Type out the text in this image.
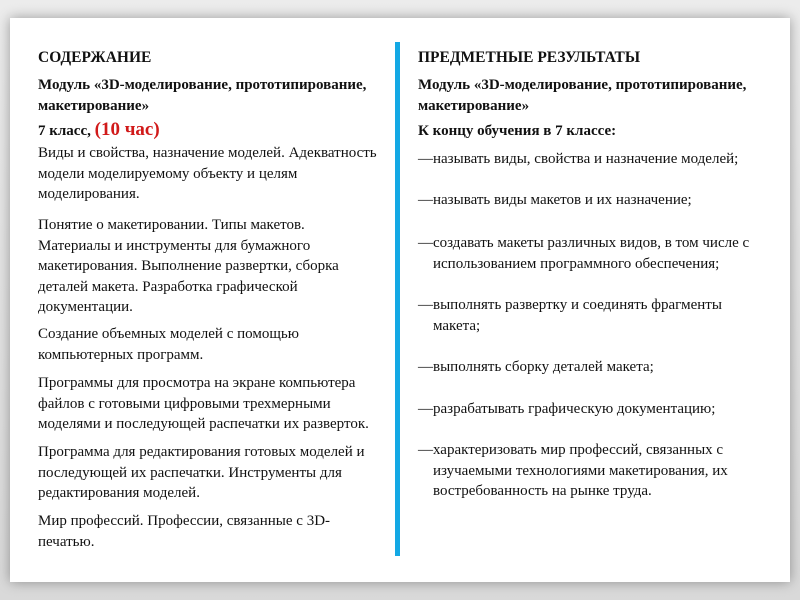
СОДЕРЖАНИЕ
Модуль «3D-моделирование, прототипирование,
макетирование»
7 класс, (10 час)
Виды и свойства, назначение моделей. Адекватность
модели моделируемому объекту и целям
моделирования.
Понятие о макетировании. Типы макетов.
Материалы и инструменты для бумажного
макетирования. Выполнение развертки, сборка
деталей макета. Разработка графической
документации.
Создание объемных моделей с помощью
компьютерных программ.
Программы для просмотра на экране компьютера
файлов с готовыми цифровыми трехмерными
моделями и последующей распечатки их разверток.
Программа для редактирования готовых моделей и
последующей их распечатки. Инструменты для
редактирования моделей.
Мир профессий. Профессии, связанные с 3D-
печатью.
ПРЕДМЕТНЫЕ РЕЗУЛЬТАТЫ
Модуль «3D-моделирование, прототипирование,
макетирование»
К концу обучения в 7 классе:
—называть виды, свойства и назначение моделей;
—называть виды макетов и их назначение;
—создавать макеты различных видов, в том числе с
использованием программного обеспечения;
—выполнять развертку и соединять фрагменты
макета;
—выполнять сборку деталей макета;
—разрабатывать графическую документацию;
—характеризовать мир профессий, связанных с
изучаемыми технологиями макетирования, их
востребованность на рынке труда.
